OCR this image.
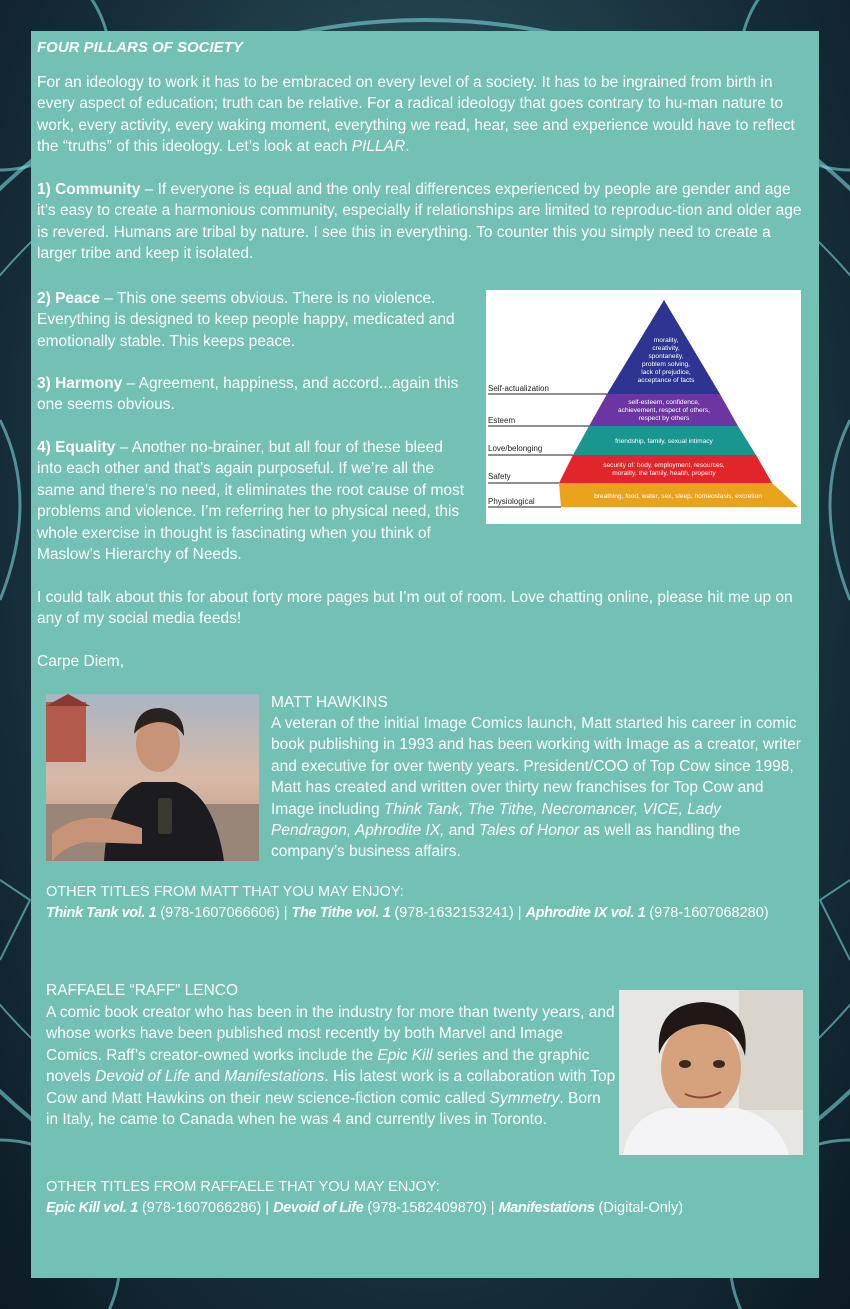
FOUR PILLARS OF SOCIETY

For an ideology to work it has to be embraced on every level of a society. It has to be ingrained from birth in every aspect of education; truth can be relative. For a radical ideology that goes contrary to hu-man nature to work, every activity, every waking moment, everything we read, hear, see and experience would have to reflect the “truths” of this ideology. Let’s look at each PILLAR.

1) Community – If everyone is equal and the only real differences experienced by people are gender and age it’s easy to create a harmonious community, especially if relationships are limited to reproduc-tion and older age is revered. Humans are tribal by nature. I see this in everything. To counter this you simply need to create a larger tribe and keep it isolated.

2) Peace – This one seems obvious. There is no violence. Everything is designed to keep people happy, medicated and emotionally stable. This keeps peace.

3) Harmony – Agreement, happiness, and accord...again this one seems obvious.

4) Equality – Another no-brainer, but all four of these bleed into each other and that’s again purposeful. If we’re all the same and there’s no need, it eliminates the root cause of most problems and violence. I’m referring her to physical need, this whole exercise in thought is fascinating when you think of Maslow’s Hierarchy of Needs.

Self-actualization
Esteem
Love/belonging
Safety
Physiological
morality,
creativity,
spontaneity,
problem solving,
lack of prejudice,
acceptance of facts
self-esteem, confidence,
achievement, respect of others,
respect by others
friendship, family, sexual intimacy
security of: body, employment, resources,
morality, the family, health, property
breathing, food, water, sex, sleep, homeostasis, excretion

I could talk about this for about forty more pages but I’m out of room. Love chatting online, please hit me up on any of my social media feeds!

Carpe Diem,

MATT HAWKINS

A veteran of the initial Image Comics launch, Matt started his career in comic book publishing in 1993 and has been working with Image as a creator, writer and executive for over twenty years. President/COO of Top Cow since 1998, Matt has created and written over thirty new franchises for Top Cow and Image including Think Tank, The Tithe, Necromancer, VICE, Lady Pendragon, Aphrodite IX, and Tales of Honor as well as handling the company’s business affairs.

OTHER TITLES FROM MATT THAT YOU MAY ENJOY:

Think Tank vol. 1 (978-1607066606) | The Tithe vol. 1 (978-1632153241) | Aphrodite IX vol. 1 (978-1607068280)

RAFFAELE “RAFF” LENCO

A comic book creator who has been in the industry for more than twenty years, and whose works have been published most recently by both Marvel and Image Comics. Raff’s creator-owned works include the Epic Kill series and the graphic novels Devoid of Life and Manifestations. His latest work is a collaboration with Top Cow and Matt Hawkins on their new science-fiction comic called Symmetry. Born in Italy, he came to Canada when he was 4 and currently lives in Toronto.

OTHER TITLES FROM RAFFAELE THAT YOU MAY ENJOY:

Epic Kill vol. 1 (978-1607066286) | Devoid of Life (978-1582409870) | Manifestations (Digital-Only)
